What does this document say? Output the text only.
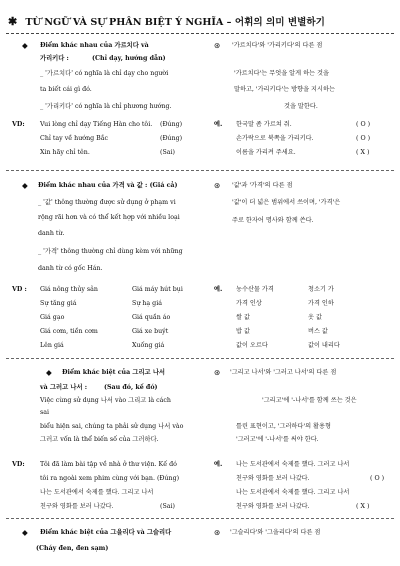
✱ TỪ NGỮ VÀ SỰ PHÂN BIỆT Ý NGHĨA – 어휘의 의미 변별하기
◆ Điểm khác nhau của 가르치다 và
가리키다 :	(Chỉ dạy, hướng dẫn)
_ '가르치다' có nghĩa là chỉ dạy cho người
ta biết cái gì đó.
_ '가리키다' có nghĩa là chỉ phương hướng.
VD: Vui lòng chỉ dạy Tiếng Hàn cho tôi. (Đúng)
Chỉ tay về hướng Bắc	(Đúng)
Xin hãy chỉ tên.	(Sai)
⊛ '가르치다'와 '가리키다'의 다른 점
'가르치다'는 무엇을 알게 하는 것을
말하고, '가리키다'는 방향을 지시하는
것을 말한다.
예. 한국말 좀 가르쳐 줘.	( O )
손가락으로 북쪽을 가리키다.	( O )
이름을 가리켜 주세요.	( X )
◆ Điểm khác nhau của 가격 và 값 : (Giá cả)
_ '값' thông thường được sử dụng ở phạm vi
rộng rãi hơn và có thể kết hợp với nhiều loại
danh từ.
_ '가격' thông thường chỉ dùng kèm với những
danh từ có gốc Hán.
VD : Giá nông thủy sản	Giá máy hút bụi
Sự tăng giá	Sự hạ giá
Giá gạo	Giá quần áo
Giá cơm, tiền cơm	Giá xe buýt
Lên giá	Xuống giá
⊛ '값'과 '가격'의 다른 점
'값'이 더 넓은 범위에서 쓰이며, '가격'은
주로 한자어 명사와 함께 쓴다.
예. 농수산물 가격	청소기 가
가격 인상	가격 인하
쌀 값	옷 값
밥 값	버스 값
값이 오르다	값이 내리다
◆ Điểm khác biệt của 그리고 나서
và 그러고 나서 :	(Sau đó, kế đó)
Việc cùng sử dụng 나서 vào 그리고 là cách
sai
biểu hiện sai, chúng ta phải sử dụng 나서 vào
그러고 vốn là thể biến số của 그러하다.
VD: Tôi đã làm bài tập về nhà ở thư viện. Kế đó
tôi ra ngoài xem phim cùng với bạn. (Đúng)
나는 도서관에서 숙제를 했다. 그리고 나서
친구와 영화를 보러 나갔다.	(Sai)
⊛ '그리고 나서'와 '그러고 나서'의 다른 점
'그리고'에 '-나서'를 함께 쓰는 것은
틀린 표현이고, '그러하다'의 활용형
'그러고'에 '-나서'를 써야 한다.
예. 나는 도서관에서 숙제를 했다. 그러고 나서
친구와 영화를 보러 나갔다.	( O )
나는 도서관에서 숙제를 했다. 그리고 나서
친구와 영화를 보러 나갔다.	( X )
◆ Điểm khác biệt của 그을리다 và 그슬리다
(Cháy đen, đen sạm)
⊛ '그슬리다'와 '그을리다'의 다른 점
